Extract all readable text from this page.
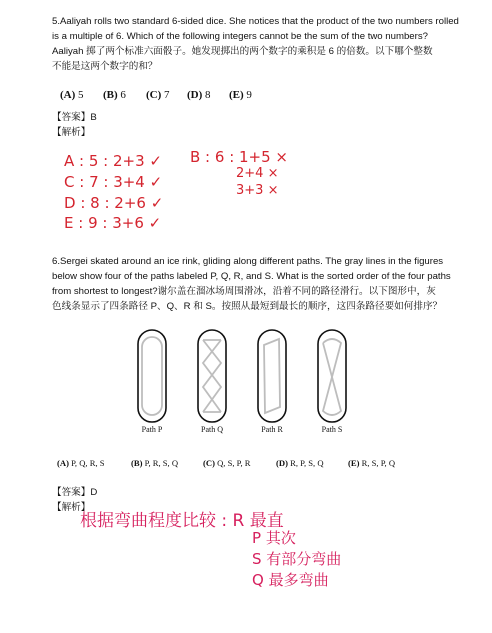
5.Aaliyah rolls two standard 6-sided dice. She notices that the product of the two numbers rolled
is a multiple of 6. Which of the following integers cannot be the sum of the two numbers?
Aaliyah 掷了两个标准六面骰子。她发现掷出的两个数字的乘积是 6 的倍数。以下哪个整数
不能是这两个数字的和？
(A) 5 (B) 6 (C) 7 (D) 8 (E) 9
【答案】B
【解析】
A : 5 : 2+3 ✓
C : 7 : 3+4 ✓
D : 8 : 2+6 ✓
E : 9 : 3+6 ✓
B : 6 : 1+5 ×
2+4 ×
3+3 ×
6.Sergei skated around an ice rink, gliding along different paths. The gray lines in the figures
below show four of the paths labeled P, Q, R, and S. What is the sorted order of the four paths
from shortest to longest?谢尔盖在溜冰场周围滑冰，沿着不同的路径滑行。以下图形中，灰
色线条显示了四条路径 P、Q、R 和 S。按照从最短到最长的顺序，这四条路径要如何排序？
Path P	Path Q	Path R	Path S
(A) P, Q, R, S	(B) P, R, S, Q	(C) Q, S, P, R	(D) R, P, S, Q	(E) R, S, P, Q
【答案】D
【解析】
根据弯曲程度比较 : R 最直
P 其次
S 有部分弯曲
Q 最多弯曲
